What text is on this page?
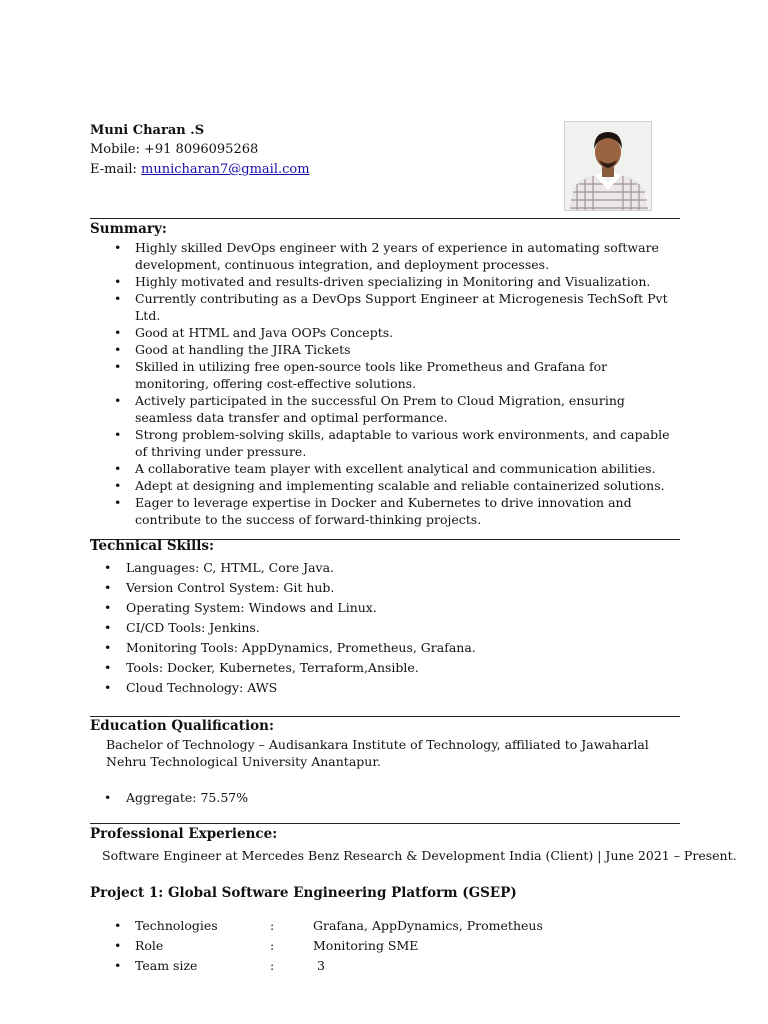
Muni Charan .S
Mobile: +91 8096095268
E-mail: municharan7@gmail.com
Summary:
• Highly skilled DevOps engineer with 2 years of experience in automating software development, continuous integration, and deployment processes.
• Highly motivated and results-driven specializing in Monitoring and Visualization.
• Currently contributing as a DevOps Support Engineer at Microgenesis TechSoft Pvt Ltd.
• Good at HTML and Java OOPs Concepts.
• Good at handling the JIRA Tickets
• Skilled in utilizing free open-source tools like Prometheus and Grafana for monitoring, offering cost-effective solutions.
• Actively participated in the successful On Prem to Cloud Migration, ensuring seamless data transfer and optimal performance.
• Strong problem-solving skills, adaptable to various work environments, and capable of thriving under pressure.
• A collaborative team player with excellent analytical and communication abilities.
• Adept at designing and implementing scalable and reliable containerized solutions.
• Eager to leverage expertise in Docker and Kubernetes to drive innovation and contribute to the success of forward-thinking projects.
Technical Skills:
• Languages: C, HTML, Core Java.
• Version Control System: Git hub.
• Operating System: Windows and Linux.
• CI/CD Tools: Jenkins.
• Monitoring Tools: AppDynamics, Prometheus, Grafana.
• Tools: Docker, Kubernetes, Terraform,Ansible.
• Cloud Technology: AWS
Education Qualification:
Bachelor of Technology – Audisankara Institute of Technology, affiliated to Jawaharlal
Nehru Technological University Anantapur.
• Aggregate: 75.57%
Professional Experience:
Software Engineer at Mercedes Benz Research & Development India (Client) | June 2021 – Present.
Project 1: Global Software Engineering Platform (GSEP)
• Technologies	:	Grafana, AppDynamics, Prometheus
• Role	:	Monitoring SME
• Team size	:	3
